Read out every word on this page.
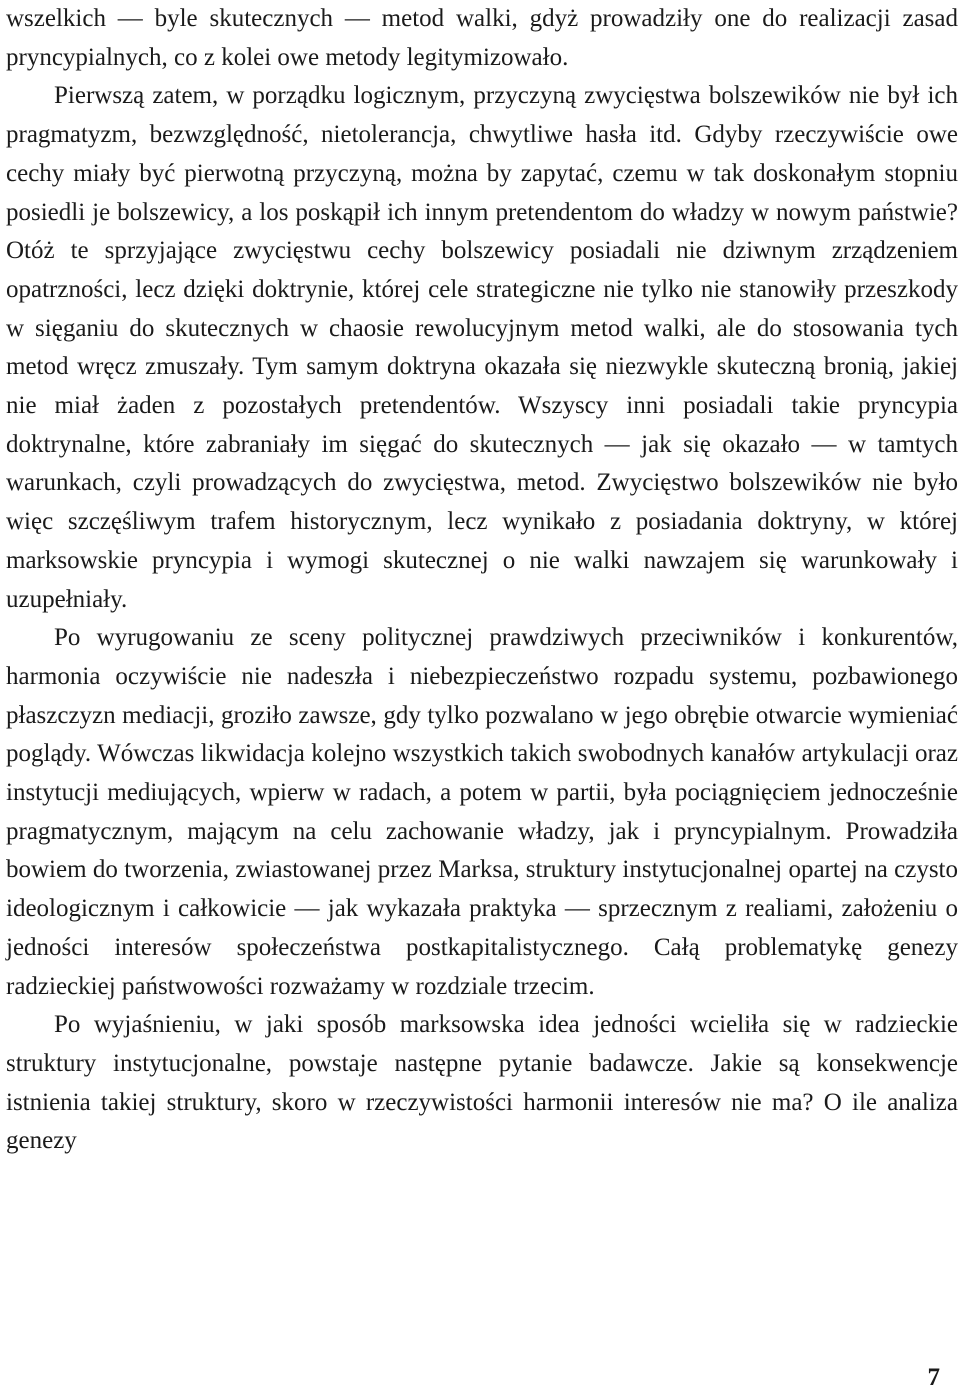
wszelkich — byle skutecznych — metod walki, gdyż prowadziły one do realizacji zasad pryncypialnych, co z kolei owe metody legitymizowało.

Pierwszą zatem, w porządku logicznym, przyczyną zwycięstwa bolszewików nie był ich pragmatyzm, bezwzględność, nietolerancja, chwytliwe hasła itd. Gdyby rzeczywiście owe cechy miały być pierwotną przyczyną, można by zapytać, czemu w tak doskonałym stopniu posiedli je bolszewicy, a los poskąpił ich innym pretendentom do władzy w nowym państwie? Otóż te sprzyjające zwycięstwu cechy bolszewicy posiadali nie dziwnym zrządzeniem opatrzności, lecz dzięki doktrynie, której cele strategiczne nie tylko nie stanowiły przeszkody w sięganiu do skutecznych w chaosie rewolucyjnym metod walki, ale do stosowania tych metod wręcz zmuszały. Tym samym doktryna okazała się niezwykle skuteczną bronią, jakiej nie miał żaden z pozostałych pretendentów. Wszyscy inni posiadali takie pryncypia doktrynalne, które zabraniały im sięgać do skutecznych — jak się okazało — w tamtych warunkach, czyli prowadzących do zwycięstwa, metod. Zwycięstwo bolszewików nie było więc szczęśliwym trafem historycznym, lecz wynikało z posiadania doktryny, w której marksowskie pryncypia i wymogi skutecznej o nie walki nawzajem się warunkowały i uzupełniały.

Po wyrugowaniu ze sceny politycznej prawdziwych przeciwników i konkurentów, harmonia oczywiście nie nadeszła i niebezpieczeństwo rozpadu systemu, pozbawionego płaszczyzn mediacji, groziło zawsze, gdy tylko pozwalano w jego obrębie otwarcie wymieniać poglądy. Wówczas likwidacja kolejno wszystkich takich swobodnych kanałów artykulacji oraz instytucji mediujących, wpierw w radach, a potem w partii, była pociągnięciem jednocześnie pragmatycznym, mającym na celu zachowanie władzy, jak i pryncypialnym. Prowadziła bowiem do tworzenia, zwiastowanej przez Marksa, struktury instytucjonalnej opartej na czysto ideologicznym i całkowicie — jak wykazała praktyka — sprzecznym z realiami, założeniu o jedności interesów społeczeństwa postkapitalistycznego. Całą problematykę genezy radzieckiej państwowości rozważamy w rozdziale trzecim.

Po wyjaśnieniu, w jaki sposób marksowska idea jedności wcieliła się w radzieckie struktury instytucjonalne, powstaje następne pytanie badawcze. Jakie są konsekwencje istnienia takiej struktury, skoro w rzeczywistości harmonii interesów nie ma? O ile analiza genezy

7
